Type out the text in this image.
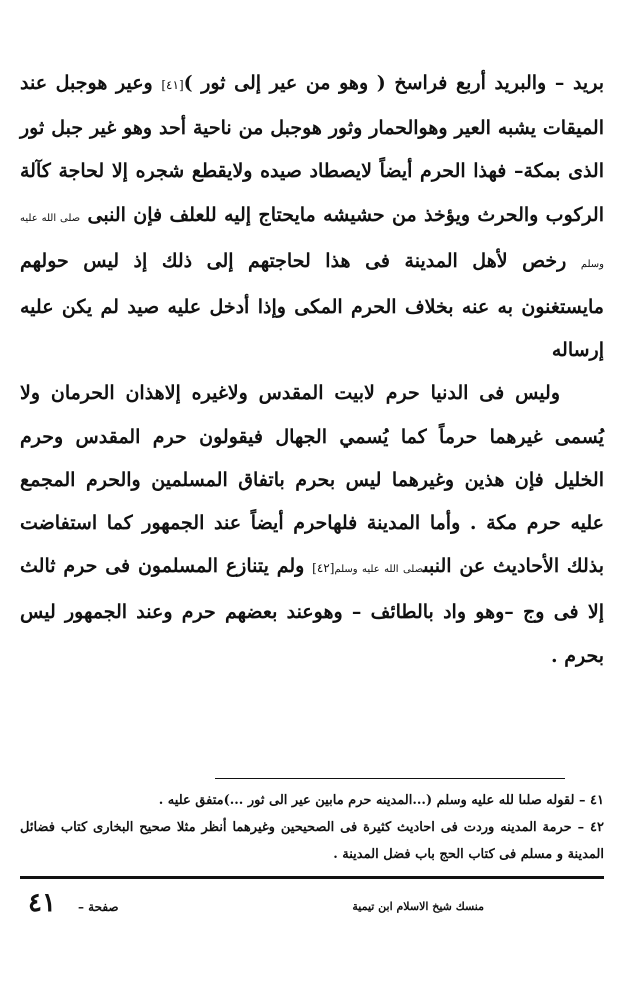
بريد – والبريد أربع فراسخ ( وهو من عير إلى ثور )[٤١] وعير هوجبل عند الميقات يشبه العير وهوالحمار وثور هوجبل من ناحية أحد وهو غير جبل ثور الذى بمكة– فهذا الحرم أيضاً لايصطاد صيده ولايقطع شجره إلا لحاجة كآلة الركوب والحرث ويؤخذ من حشيشه مايحتاج إليه للعلف فإن النبى صلى الله عليه وسلم رخص لأهل المدينة فى هذا لحاجتهم إلى ذلك إذ ليس حولهم مايستغنون به عنه بخلاف الحرم المكى وإذا أدخل عليه صيد لم يكن عليه إرساله

وليس فى الدنيا حرم لابيت المقدس ولاغيره إلاهذان الحرمان ولا يُسمى غيرهما حرماً كما يُسمي الجهال فيقولون حرم المقدس وحرم الخليل فإن هذين وغيرهما ليس بحرم باتفاق المسلمين والحرم المجمع عليه حرم مكة . وأما المدينة فلهاحرم أيضاً عند الجمهور كما استفاضت بذلك الأحاديث عن النبىصلى الله عليه وسلم[٤٢] ولم يتنازع المسلمون فى حرم ثالث إلا فى وج –وهو واد بالطائف – وهوعند بعضهم حرم وعند الجمهور ليس بحرم .

٤١ – لقوله صلىا لله عليه وسلم (...المدينه حرم مابين عير الى ثور ...)متفق عليه .

٤٢ – حرمة المدينه وردت فى احاديث كثيرة فى الصحيحين وغيرهما أنظر مثلا صحيح البخارى كتاب فضائل المدينة و مسلم فى كتاب الحج باب فضل المدينة .

منسك شيخ الاسلام ابن تيمية
صفحة –
٤١
